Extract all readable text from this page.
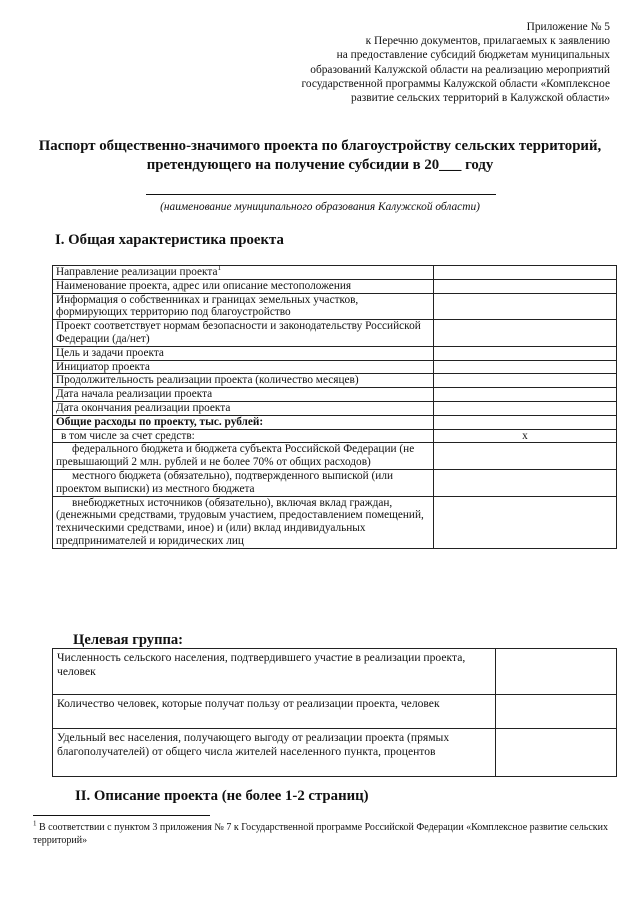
Приложение № 5
к Перечню документов, прилагаемых к заявлению
на предоставление субсидий бюджетам муниципальных
образований Калужской области на реализацию мероприятий
государственной программы Калужской области «Комплексное
развитие сельских территорий в Калужской области»
Паспорт общественно-значимого проекта по благоустройству сельских территорий,
претендующего на получение субсидии в 20___ году
(наименование муниципального образования Калужской области)
I. Общая характеристика проекта
Направление реализации проекта$^1$	
Наименование проекта, адрес или описание местоположения	
Информация о собственниках и границах земельных участков, формирующих территорию под благоустройство	
Проект соответствует нормам безопасности и законодательству Российской Федерации (да/нет)	
Цель и задачи проекта	
Инициатор проекта	
Продолжительность реализации проекта (количество месяцев)	
Дата начала реализации проекта	
Дата окончания реализации проекта	
Общие расходы по проекту, тыс. рублей:	
в том числе за счет средств:	x
федерального бюджета и бюджета субъекта Российской Федерации (не превышающий 2 млн. рублей и не более 70% от общих расходов)	
местного бюджета (обязательно), подтвержденного выпиской (или проектом выписки) из местного бюджета	
внебюджетных источников (обязательно), включая вклад граждан, (денежными средствами, трудовым участием, предоставлением помещений, техническими средствами, иное) и (или) вклад индивидуальных предпринимателей и юридических лиц	
Целевая группа:
Численность сельского населения, подтвердившего участие в реализации проекта, человек	
Количество человек, которые получат пользу от реализации проекта, человек	
Удельный вес населения, получающего выгоду от реализации проекта (прямых благополучателей) от общего числа жителей населенного пункта, процентов	
II. Описание проекта (не более 1-2 страниц)
$^1$ В соответствии с пунктом 3 приложения № 7 к Государственной программе Российской Федерации «Комплексное развитие сельских территорий»
